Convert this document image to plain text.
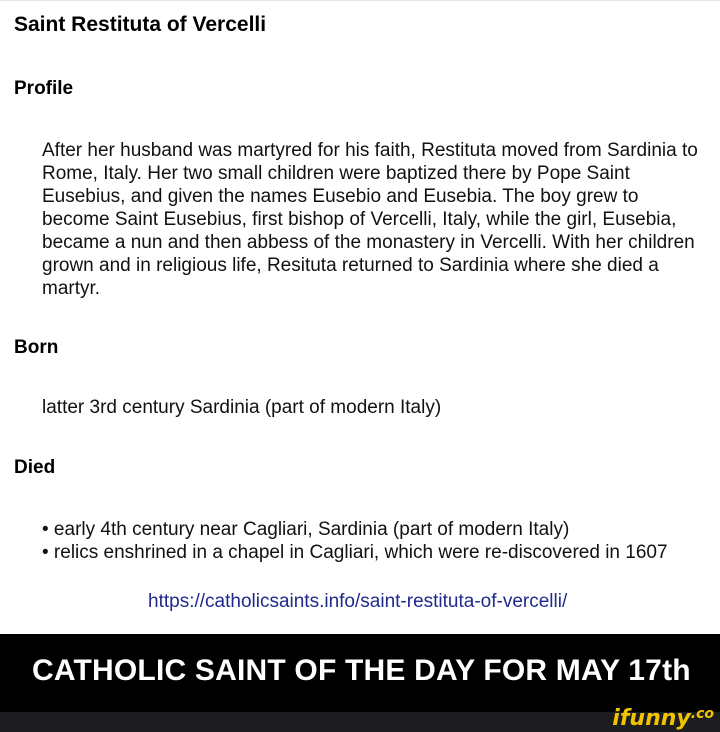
Saint Restituta of Vercelli
Profile
After her husband was martyred for his faith, Restituta moved from Sardinia to Rome, Italy. Her two small children were baptized there by Pope Saint Eusebius, and given the names Eusebio and Eusebia. The boy grew to become Saint Eusebius, first bishop of Vercelli, Italy, while the girl, Eusebia, became a nun and then abbess of the monastery in Vercelli. With her children grown and in religious life, Resituta returned to Sardinia where she died a martyr.
Born
latter 3rd century Sardinia (part of modern Italy)
Died
• early 4th century near Cagliari, Sardinia (part of modern Italy)
• relics enshrined in a chapel in Cagliari, which were re-discovered in 1607
https://catholicsaints.info/saint-restituta-of-vercelli/
CATHOLIC SAINT OF THE DAY FOR MAY 17th
ifunny$^{.co}$
